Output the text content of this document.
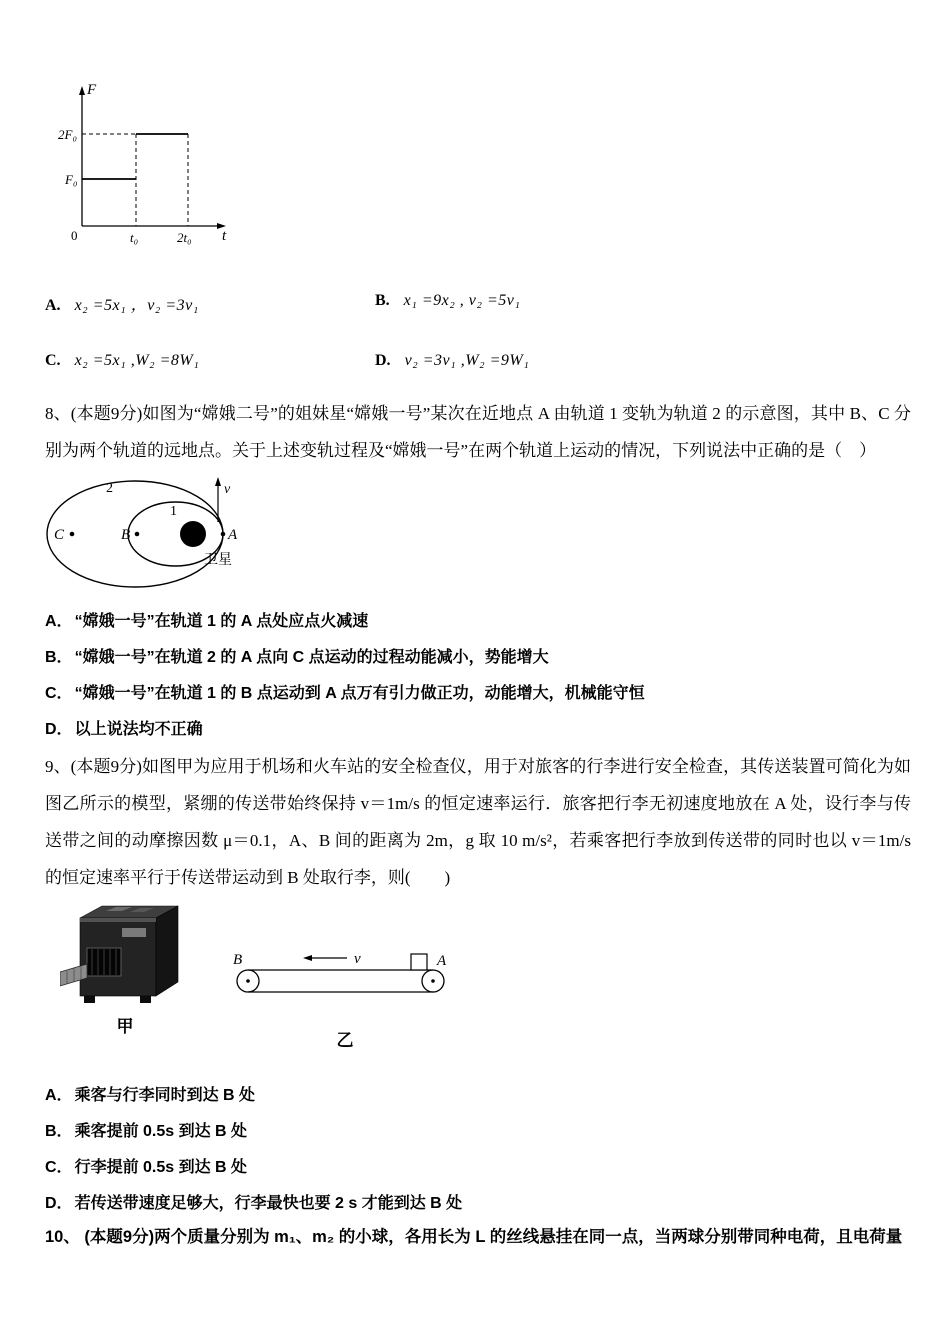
F
t
2F₀
F₀
0	t₀	2t₀
A. x₂ =5x₁ ，v₂ =3v₁	B. x₁ =9x₂ , v₂ =5v₁
C. x₂ =5x₁ ,W₂ =8W₁	D. v₂ =3v₁ ,W₂ =9W₁
8、(本题9分)如图为“嫦娥二号”的姐妹星“嫦娥一号”某次在近地点 A 由轨道 1 变轨为轨道 2 的示意图，其中 B、C 分别为两个轨道的远地点。关于上述变轨过程及“嫦娥一号”在两个轨道上运动的情况，下列说法中正确的是（　）
2
1
C	B	A
v
卫星
A． “嫦娥一号”在轨道 1 的 A 点处应点火减速
B． “嫦娥一号”在轨道 2 的 A 点向 C 点运动的过程动能减小，势能增大
C． “嫦娥一号”在轨道 1 的 B 点运动到 A 点万有引力做正功，动能增大，机械能守恒
D． 以上说法均不正确
9、(本题9分)如图甲为应用于机场和火车站的安全检查仪，用于对旅客的行李进行安全检查，其传送装置可简化为如图乙所示的模型，紧绷的传送带始终保持 v＝1m/s 的恒定速率运行．旅客把行李无初速度地放在 A 处，设行李与传送带之间的动摩擦因数 μ＝0.1，A、B 间的距离为 2m，g 取 10 m/s²，若乘客把行李放到传送带的同时也以 v＝1m/s 的恒定速率平行于传送带运动到 B 处取行李，则(　　)
甲
v
B	A
乙
A． 乘客与行李同时到达 B 处
B． 乘客提前 0.5s 到达 B 处
C． 行李提前 0.5s 到达 B 处
D． 若传送带速度足够大，行李最快也要 2 s 才能到达 B 处
10、 (本题9分)两个质量分别为 m₁、m₂ 的小球，各用长为 L 的丝线悬挂在同一点，当两球分别带同种电荷，且电荷量
